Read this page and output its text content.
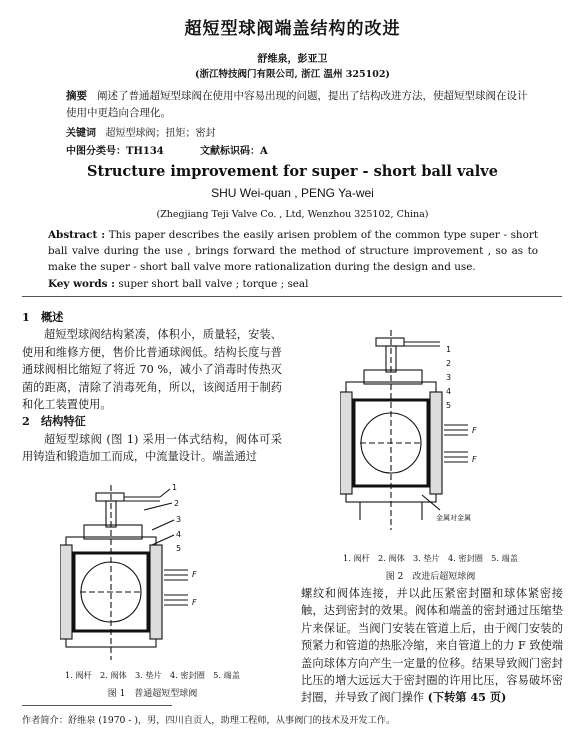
超短型球阀端盖结构的改进
舒维泉，彭亚卫
(浙江特技阀门有限公司, 浙江 温州 325102)
摘要 阐述了普通超短型球阀在使用中容易出现的问题，提出了结构改进方法，使超短型球阀在设计使用中更趋向合理化。
关键词 超短型球阀；扭矩；密封
中图分类号：TH134	文献标识码：A
Structure improvement for super - short ball valve
SHU Wei-quan , PENG Ya-wei
(Zhegjiang Teji Valve Co. , Ltd, Wenzhou 325102, China)
Abstract : This paper describes the easily arisen problem of the common type super - short ball valve during the use , brings forward the method of structure improvement , so as to make the super - short ball valve more rationalization during the design and use.
Key words : super short ball valve ; torque ; seal
1　概述
超短型球阀结构紧凑，体积小，质量轻，安装、使用和维修方便，售价比普通球阀低。结构长度与普通球阀相比缩短了将近 70 %，减小了消毒时传热灭菌的距离，清除了消毒死角，所以，该阀适用于制药和化工装置使用。
2　结构特征
超短型球阀 (图 1) 采用一体式结构，阀体可采用铸造和锻造加工而成，中流量设计。端盖通过
1
2
3
4
5
F
F
1. 阀杆　2. 阀体　3. 垫片　4. 密封圈　5. 端盖
图 1　普通超短型球阀
1
2
3
4
5
F
F
金属对金属
1. 阀杆　2. 阀体　3. 垫片　4. 密封圈　5. 端盖
图 2　改进后超短球阀
螺纹和阀体连接，并以此压紧密封圈和球体紧密接触，达到密封的效果。阀体和端盖的密封通过压缩垫片来保证。当阀门安装在管道上后，由于阀门安装的预紧力和管道的热胀冷缩，来自管道上的力 F 致使端盖向球体方向产生一定量的位移。结果导致阀门密封比压的增大远远大于密封圈的许用比压，容易破坏密封圈，并导致了阀门操作 (下转第 45 页)
作者简介：舒维泉 (1970 - )，男，四川自贡人，助理工程师，从事阀门的技术及开发工作。
